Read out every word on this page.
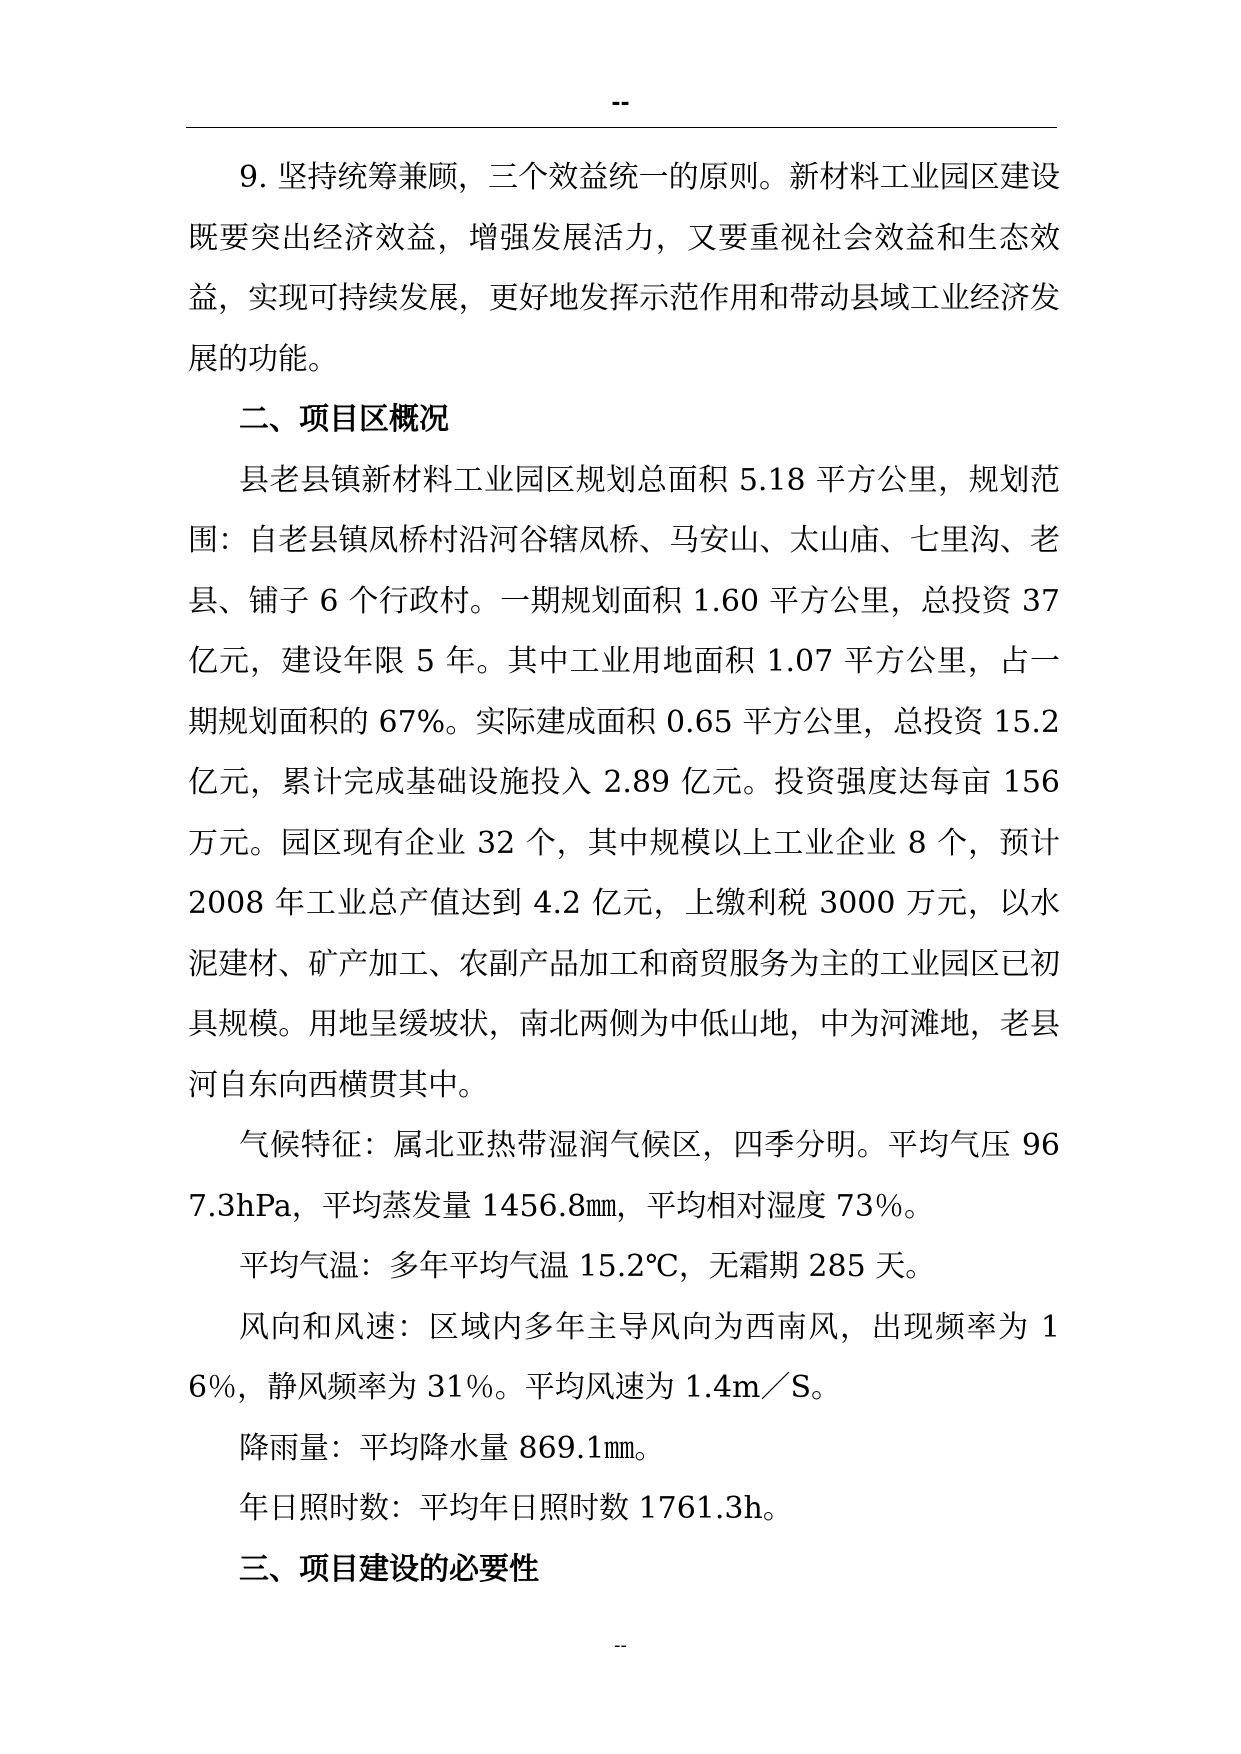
--

9. 坚持统筹兼顾，三个效益统一的原则。新材料工业园区建设既要突出经济效益，增强发展活力，又要重视社会效益和生态效益，实现可持续发展，更好地发挥示范作用和带动县域工业经济发展的功能。

二、项目区概况

县老县镇新材料工业园区规划总面积 5.18 平方公里，规划范围：自老县镇凤桥村沿河谷辖凤桥、马安山、太山庙、七里沟、老县、铺子 6 个行政村。一期规划面积 1.60 平方公里，总投资 37 亿元，建设年限 5 年。其中工业用地面积 1.07 平方公里，占一期规划面积的 67%。实际建成面积 0.65 平方公里，总投资 15.2 亿元，累计完成基础设施投入 2.89 亿元。投资强度达每亩 156 万元。园区现有企业 32 个，其中规模以上工业企业 8 个，预计 2008 年工业总产值达到 4.2 亿元，上缴利税 3000 万元，以水泥建材、矿产加工、农副产品加工和商贸服务为主的工业园区已初具规模。用地呈缓坡状，南北两侧为中低山地，中为河滩地，老县河自东向西横贯其中。

气候特征：属北亚热带湿润气候区，四季分明。平均气压 967.3hPa，平均蒸发量 1456.8㎜，平均相对湿度 73％。

平均气温：多年平均气温 15.2℃，无霜期 285 天。

风向和风速：区域内多年主导风向为西南风，出现频率为 16％，静风频率为 31％。平均风速为 1.4m／S。

降雨量：平均降水量 869.1㎜。

年日照时数：平均年日照时数 1761.3h。

三、项目建设的必要性

--
